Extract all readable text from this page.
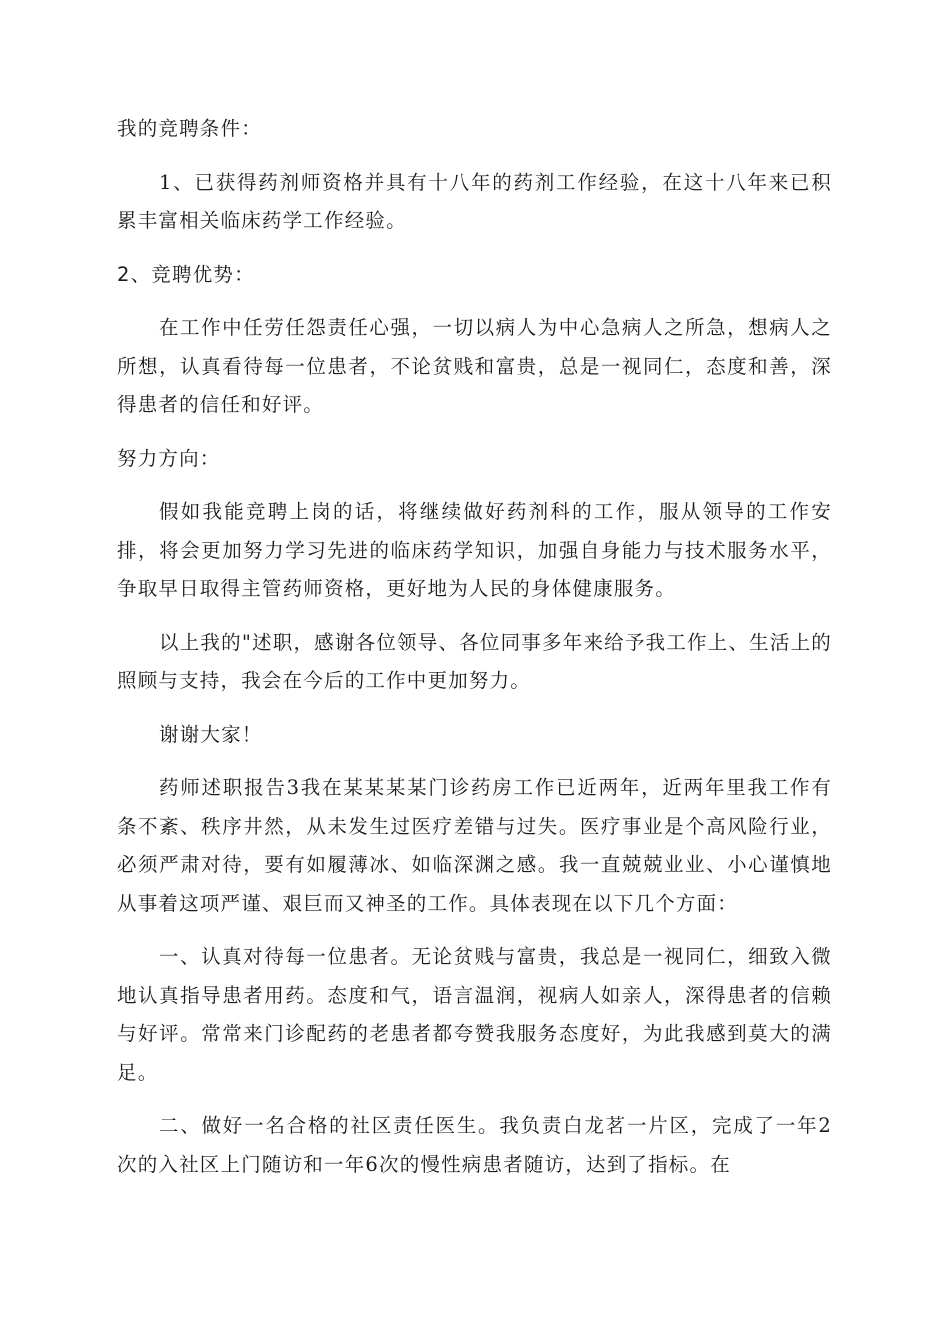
我的竞聘条件：

1、已获得药剂师资格并具有十八年的药剂工作经验，在这十八年来已积累丰富相关临床药学工作经验。

2、竞聘优势：

在工作中任劳任怨责任心强，一切以病人为中心急病人之所急，想病人之所想，认真看待每一位患者，不论贫贱和富贵，总是一视同仁，态度和善，深得患者的信任和好评。

努力方向：

假如我能竞聘上岗的话，将继续做好药剂科的工作，服从领导的工作安排，将会更加努力学习先进的临床药学知识，加强自身能力与技术服务水平，争取早日取得主管药师资格，更好地为人民的身体健康服务。

以上我的"述职，感谢各位领导、各位同事多年来给予我工作上、生活上的照顾与支持，我会在今后的工作中更加努力。

谢谢大家！

药师述职报告3我在某某某某门诊药房工作已近两年，近两年里我工作有条不紊、秩序井然，从未发生过医疗差错与过失。医疗事业是个高风险行业，必须严肃对待，要有如履薄冰、如临深渊之感。我一直兢兢业业、小心谨慎地从事着这项严谨、艰巨而又神圣的工作。具体表现在以下几个方面：

一、认真对待每一位患者。无论贫贱与富贵，我总是一视同仁，细致入微地认真指导患者用药。态度和气，语言温润，视病人如亲人，深得患者的信赖与好评。常常来门诊配药的老患者都夸赞我服务态度好，为此我感到莫大的满足。

二、做好一名合格的社区责任医生。我负责白龙茗一片区，完成了一年2次的入社区上门随访和一年6次的慢性病患者随访，达到了指标。在
